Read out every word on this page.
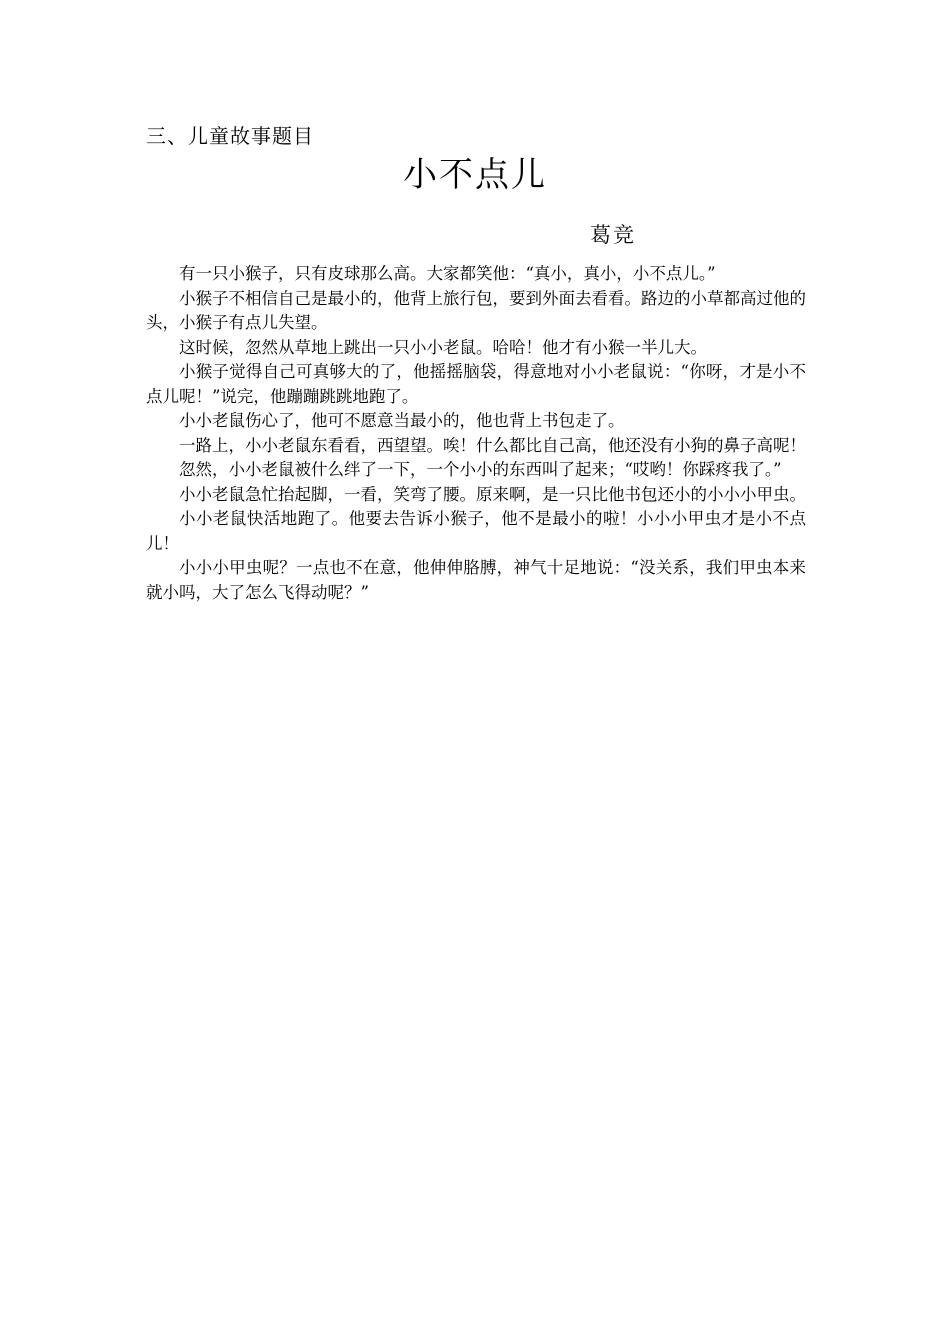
三、儿童故事题目
小不点儿
葛竞

有一只小猴子，只有皮球那么高。大家都笑他：“真小，真小，小不点儿。”

小猴子不相信自己是最小的，他背上旅行包，要到外面去看看。路边的小草都高过他的头，小猴子有点儿失望。

这时候，忽然从草地上跳出一只小小老鼠。哈哈！他才有小猴一半儿大。

小猴子觉得自己可真够大的了，他摇摇脑袋，得意地对小小老鼠说：“你呀，才是小不点儿呢！”说完，他蹦蹦跳跳地跑了。

小小老鼠伤心了，他可不愿意当最小的，他也背上书包走了。

一路上，小小老鼠东看看，西望望。唉！什么都比自己高，他还没有小狗的鼻子高呢！

忽然，小小老鼠被什么绊了一下，一个小小的东西叫了起来；“哎哟！你踩疼我了。”

小小老鼠急忙抬起脚，一看，笑弯了腰。原来啊，是一只比他书包还小的小小小甲虫。

小小老鼠快活地跑了。他要去告诉小猴子，他不是最小的啦！小小小甲虫才是小不点儿！

小小小甲虫呢？一点也不在意，他伸伸胳膊，神气十足地说：“没关系，我们甲虫本来就小吗，大了怎么飞得动呢？”
